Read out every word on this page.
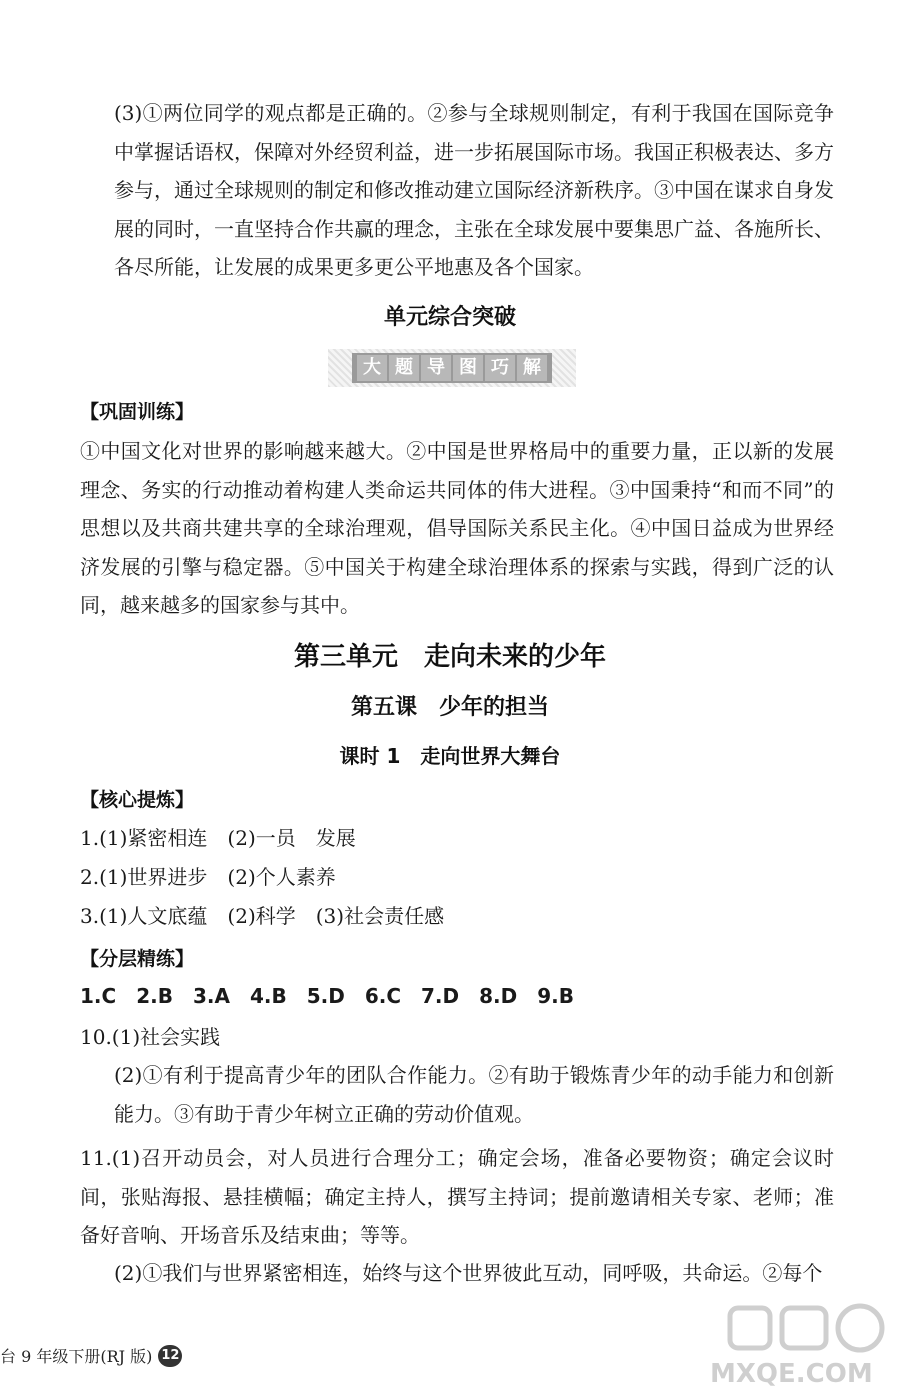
(3)①两位同学的观点都是正确的。②参与全球规则制定，有利于我国在国际竞争中掌握话语权，保障对外经贸利益，进一步拓展国际市场。我国正积极表达、多方参与，通过全球规则的制定和修改推动建立国际经济新秩序。③中国在谋求自身发展的同时，一直坚持合作共赢的理念，主张在全球发展中要集思广益、各施所长、各尽所能，让发展的成果更多更公平地惠及各个国家。

单元综合突破
大 题 导 图 巧 解
【巩固训练】

①中国文化对世界的影响越来越大。②中国是世界格局中的重要力量，正以新的发展理念、务实的行动推动着构建人类命运共同体的伟大进程。③中国秉持“和而不同”的思想以及共商共建共享的全球治理观，倡导国际关系民主化。④中国日益成为世界经济发展的引擎与稳定器。⑤中国关于构建全球治理体系的探索与实践，得到广泛的认同，越来越多的国家参与其中。

第三单元　走向未来的少年
第五课　少年的担当
课时 1　走向世界大舞台
【核心提炼】
1.(1)紧密相连　(2)一员　发展
2.(1)世界进步　(2)个人素养
3.(1)人文底蕴　(2)科学　(3)社会责任感
【分层精练】
1.C　2.B　3.A　4.B　5.D　6.C　7.D　8.D　9.B
10.(1)社会实践

(2)①有利于提高青少年的团队合作能力。②有助于锻炼青少年的动手能力和创新能力。③有助于青少年树立正确的劳动价值观。

11.(1)召开动员会，对人员进行合理分工；确定会场，准备必要物资；确定会议时间，张贴海报、悬挂横幅；确定主持人，撰写主持词；提前邀请相关专家、老师；准备好音响、开场音乐及结束曲；等等。

(2)①我们与世界紧密相连，始终与这个世界彼此互动，同呼吸，共命运。②每个

台 9 年级下册(RJ 版) 12
MXQE.COM
